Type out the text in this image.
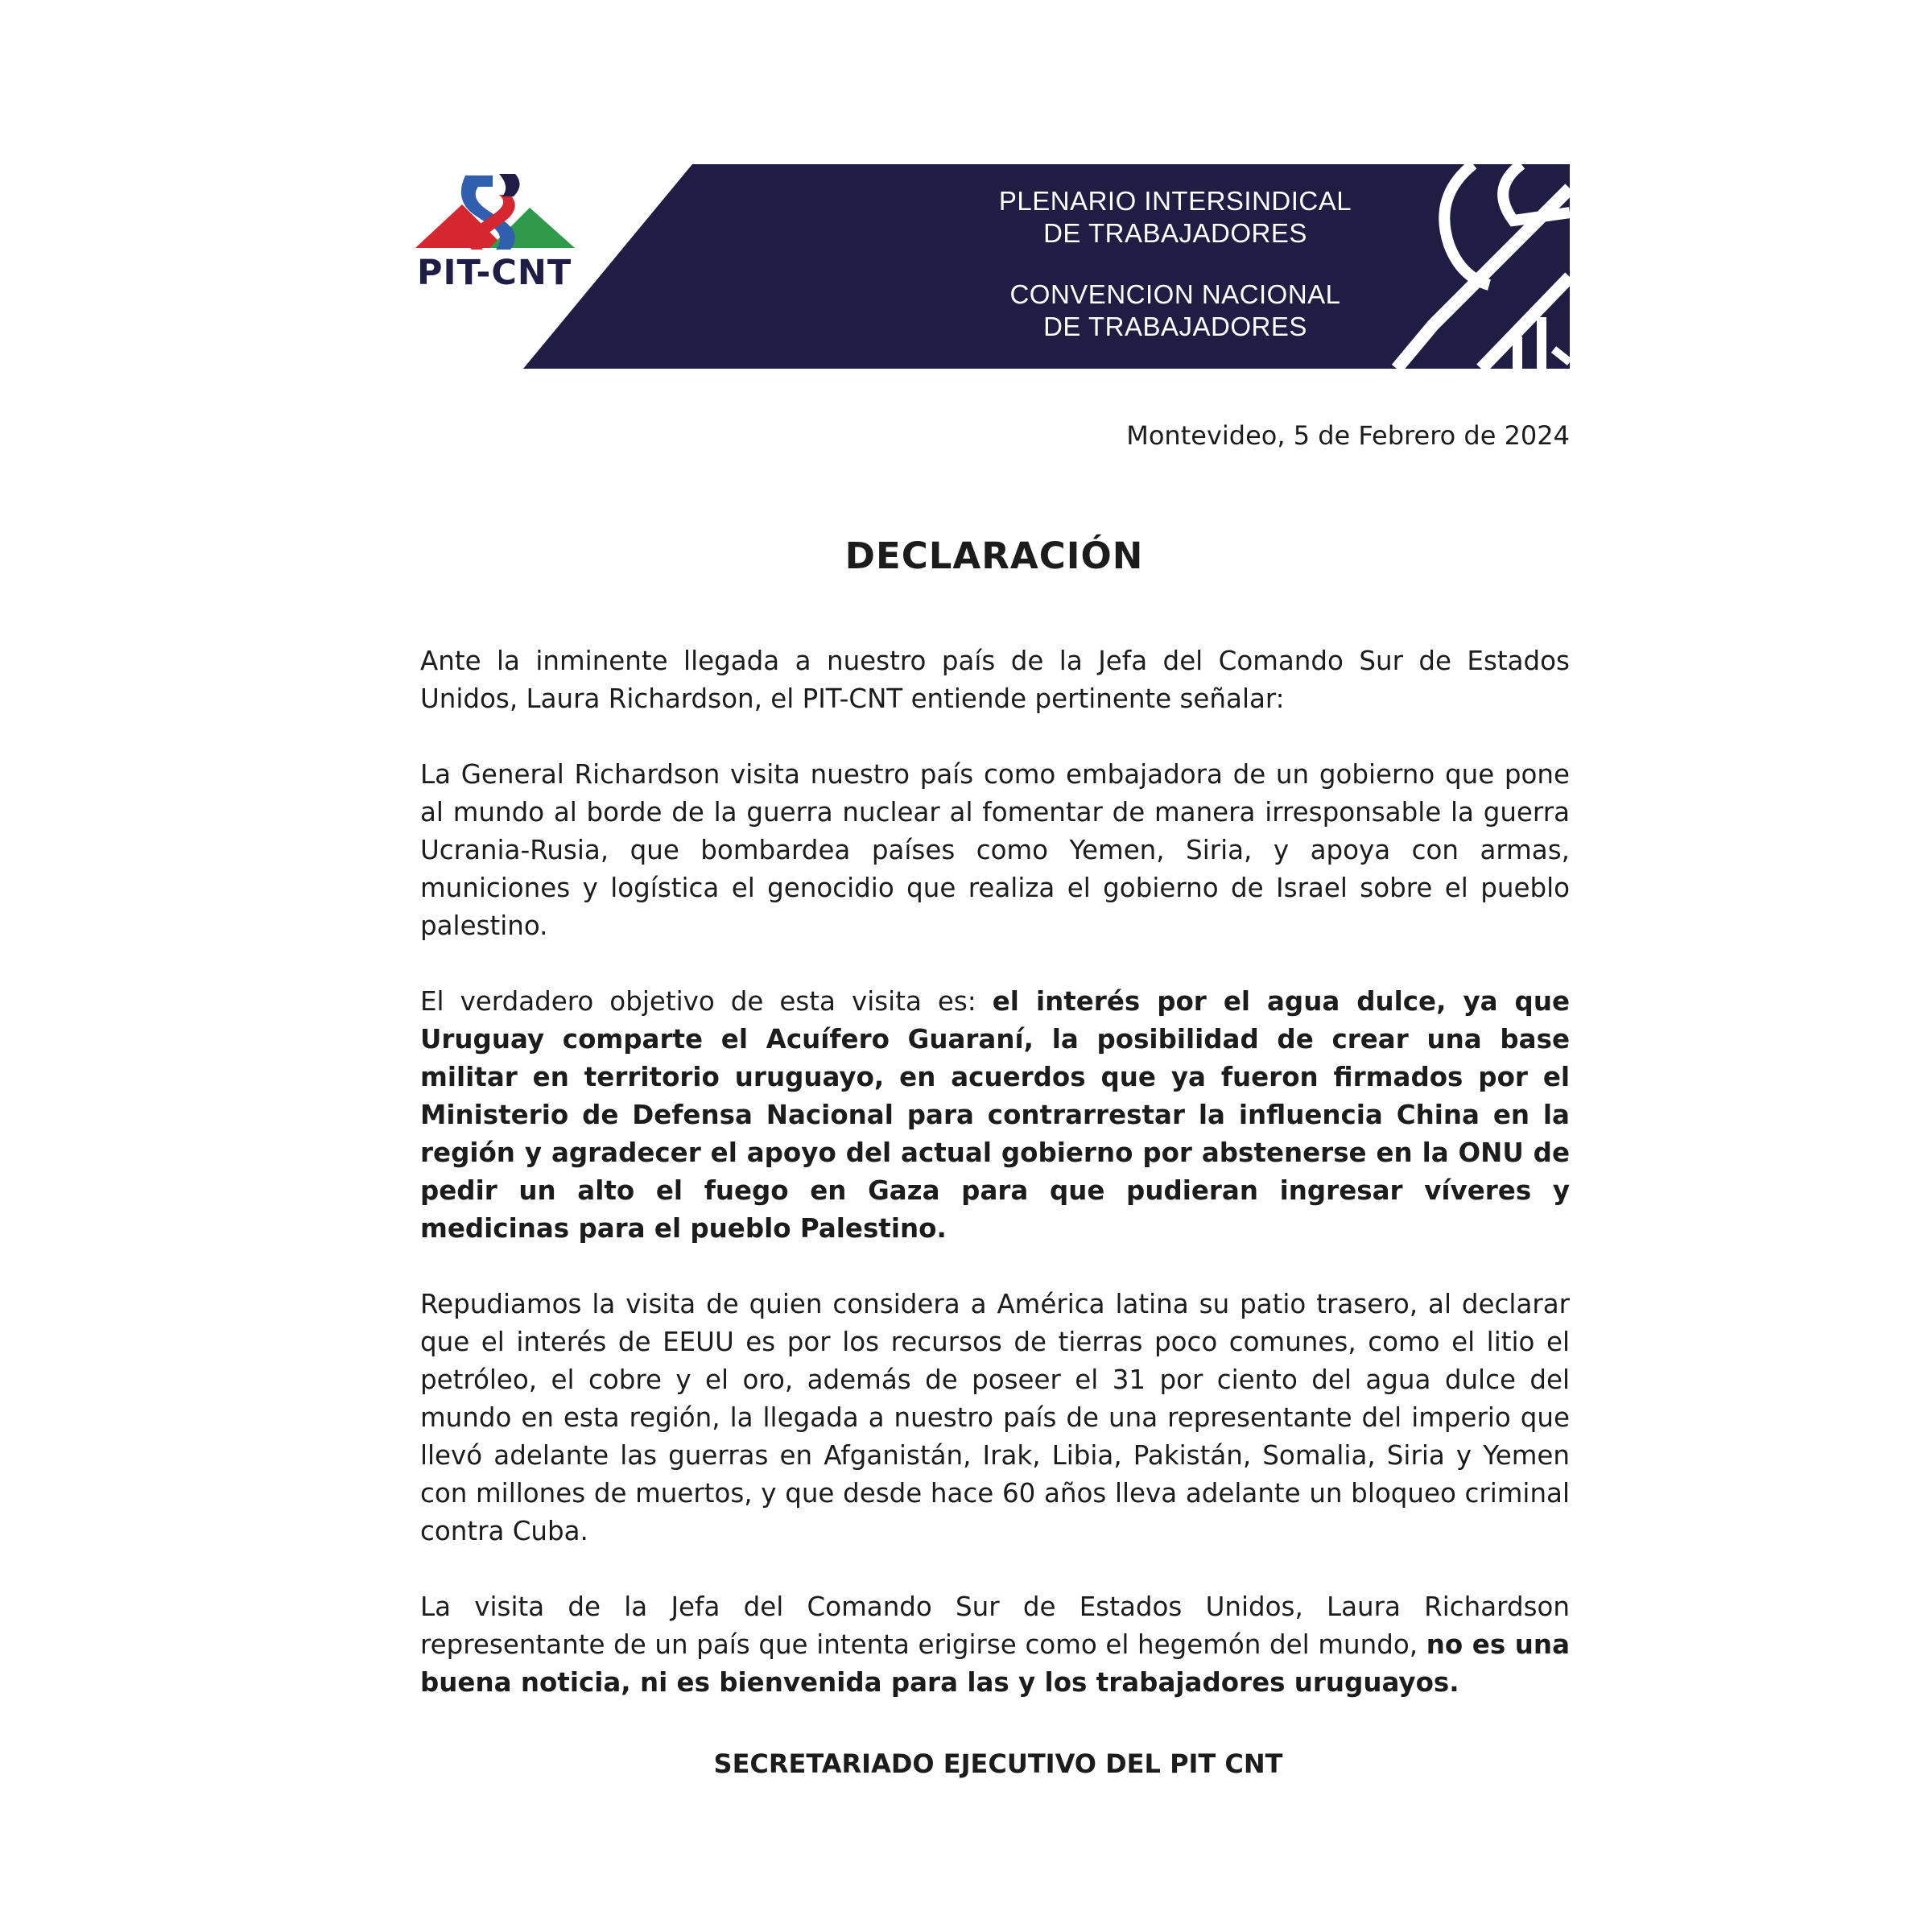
PIT-CNT
PLENARIO INTERSINDICAL
DE TRABAJADORES
CONVENCION NACIONAL
DE TRABAJADORES
Montevideo, 5 de Febrero de 2024
DECLARACIÓN

Ante la inminente llegada a nuestro país de la Jefa del Comando Sur de Estados Unidos, Laura Richardson, el PIT-CNT entiende pertinente señalar:

La General Richardson visita nuestro país como embajadora de un gobierno que pone al mundo al borde de la guerra nuclear al fomentar de manera irresponsable la guerra Ucrania-Rusia, que bombardea países como Yemen, Siria, y apoya con armas, municiones y logística el genocidio que realiza el gobierno de Israel sobre el pueblo palestino.

El verdadero objetivo de esta visita es: el interés por el agua dulce, ya que Uruguay comparte el Acuífero Guaraní, la posibilidad de crear una base militar en territorio uruguayo, en acuerdos que ya fueron firmados por el Ministerio de Defensa Nacional para contrarrestar la influencia China en la región y agradecer el apoyo del actual gobierno por abstenerse en la ONU de pedir un alto el fuego en Gaza para que pudieran ingresar víveres y medicinas para el pueblo Palestino.

Repudiamos la visita de quien considera a América latina su patio trasero, al declarar que el interés de EEUU es por los recursos de tierras poco comunes, como el litio el petróleo, el cobre y el oro, además de poseer el 31 por ciento del agua dulce del mundo en esta región, la llegada a nuestro país de una representante del imperio que llevó adelante las guerras en Afganistán, Irak, Libia, Pakistán, Somalia, Siria y Yemen con millones de muertos, y que desde hace 60 años lleva adelante un bloqueo criminal contra Cuba.

La visita de la Jefa del Comando Sur de Estados Unidos, Laura Richardson representante de un país que intenta erigirse como el hegemón del mundo, no es una buena noticia, ni es bienvenida para las y los trabajadores uruguayos.

SECRETARIADO EJECUTIVO DEL PIT CNT
